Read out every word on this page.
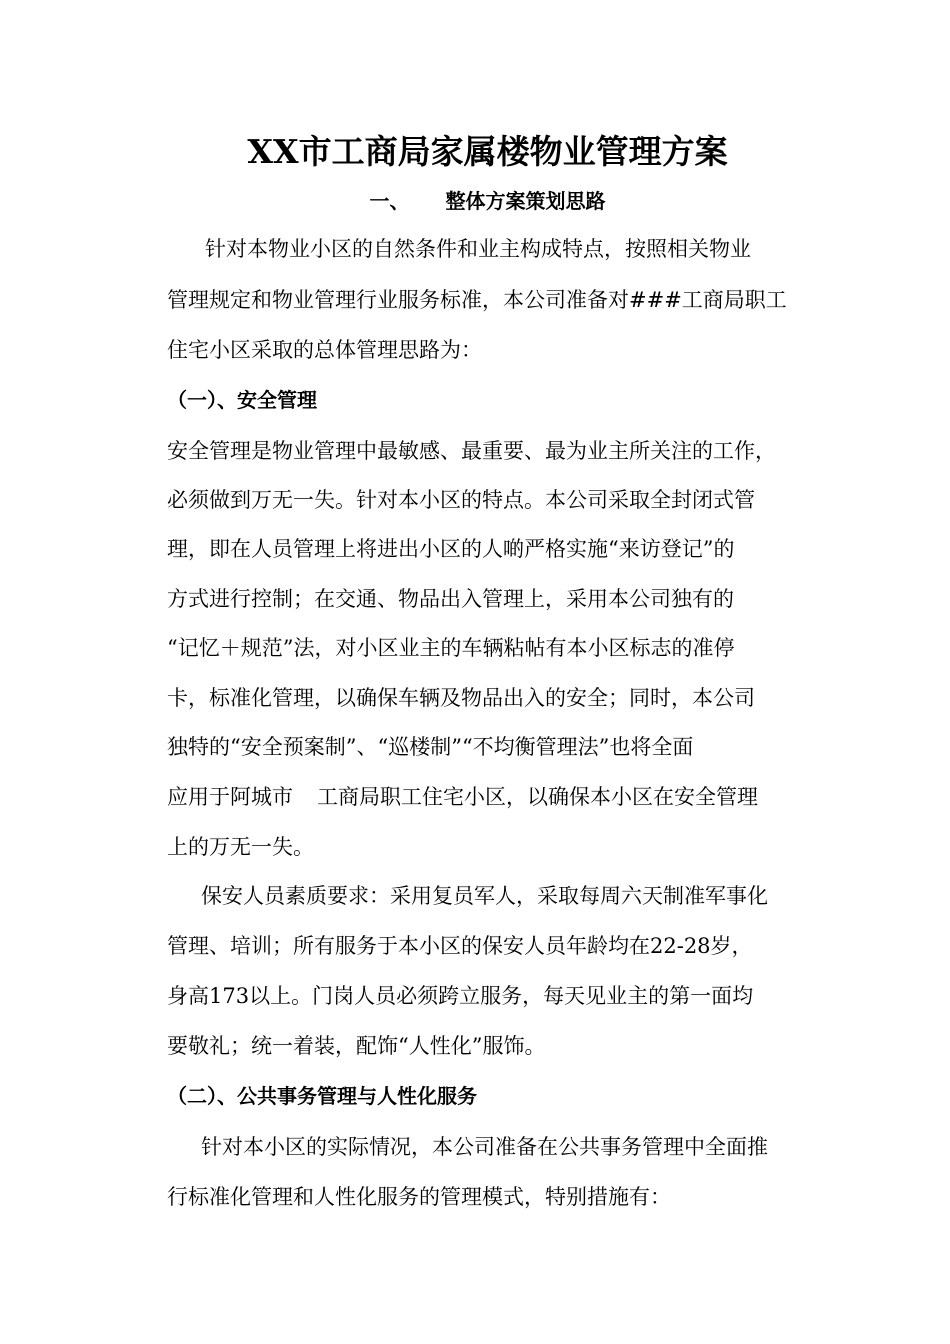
XX市工商局家属楼物业管理方案
一、 整体方案策划思路
针对本物业小区的自然条件和业主构成特点，按照相关物业
管理规定和物业管理行业服务标准，本公司准备对###工商局职工
住宅小区采取的总体管理思路为：
（一）、安全管理
安全管理是物业管理中最敏感、最重要、最为业主所关注的工作，
必须做到万无一失。针对本小区的特点。本公司采取全封闭式管
理，即在人员管理上将进出小区的人啲严格实施“来访登记”的
方式进行控制；在交通、物品出入管理上，采用本公司独有的
“记忆＋规范”法，对小区业主的车辆粘帖有本小区标志的准停
卡，标准化管理，以确保车辆及物品出入的安全；同时，本公司
独特的“安全预案制”、“巡楼制”“不均衡管理法”也将全面
应用于阿城市 工商局职工住宅小区，以确保本小区在安全管理
上的万无一失。
保安人员素质要求：采用复员军人，采取每周六天制准军事化
管理、培训；所有服务于本小区的保安人员年龄均在22-28岁，
身高173以上。门岗人员必须跨立服务，每天见业主的第一面均
要敬礼；统一着装，配饰“人性化”服饰。
（二）、公共事务管理与人性化服务
针对本小区的实际情况，本公司准备在公共事务管理中全面推
行标准化管理和人性化服务的管理模式，特别措施有：
